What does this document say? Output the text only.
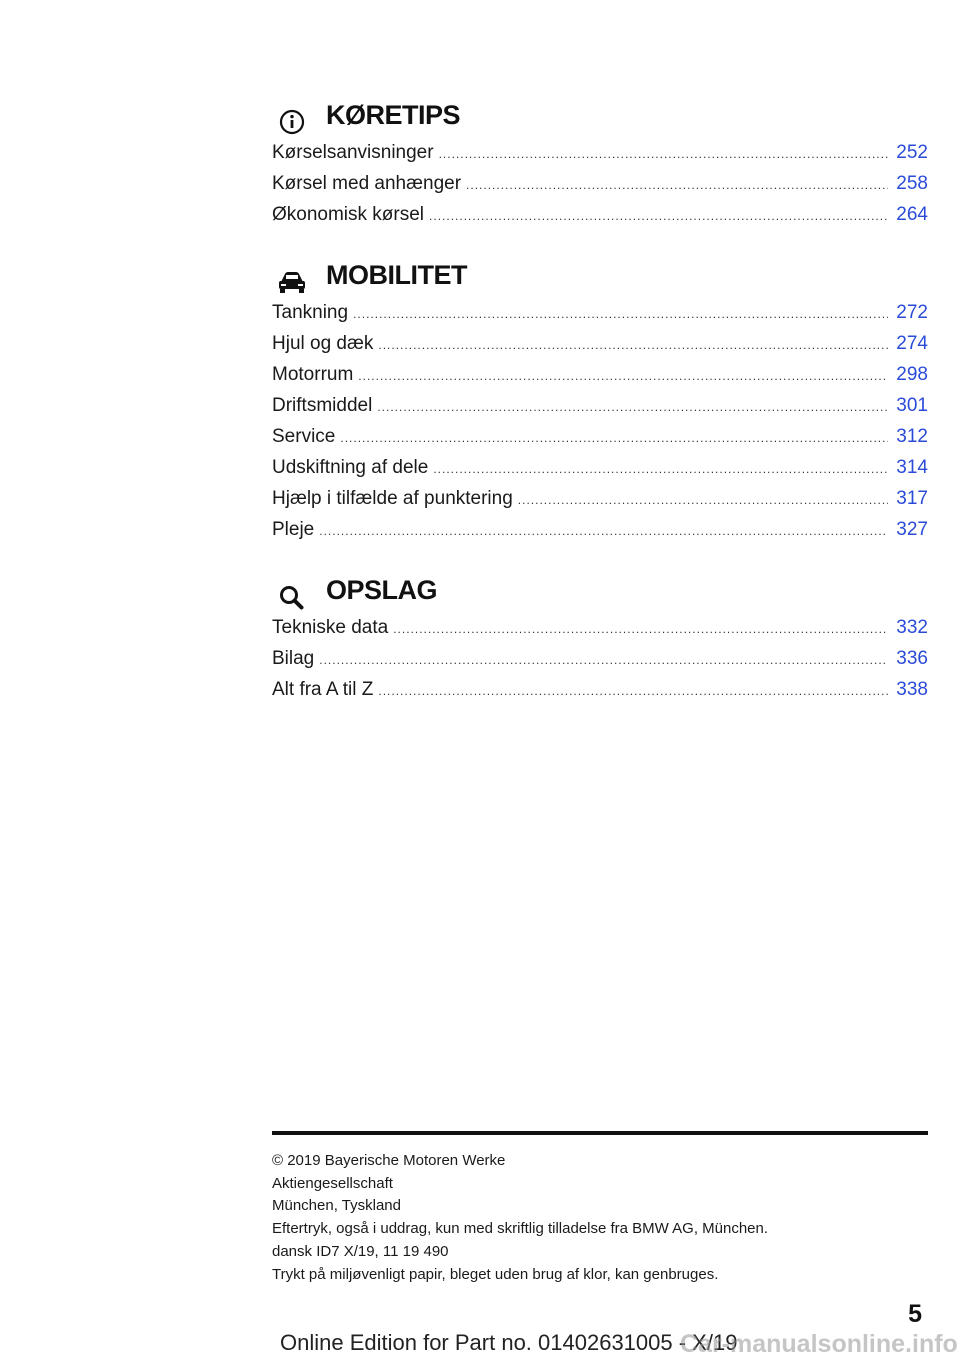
KØRETIPS
Kørselsanvisninger .....	252
Kørsel med anhænger .....	258
Økonomisk kørsel .....	264
MOBILITET
Tankning .....	272
Hjul og dæk .....	274
Motorrum .....	298
Driftsmiddel .....	301
Service .....	312
Udskiftning af dele .....	314
Hjælp i tilfælde af punktering .....	317
Pleje .....	327
OPSLAG
Tekniske data .....	332
Bilag .....	336
Alt fra A til Z .....	338
© 2019 Bayerische Motoren Werke
Aktiengesellschaft
München, Tyskland
Eftertryk, også i uddrag, kun med skriftlig tilladelse fra BMW AG, München.
dansk ID7 X/19, 11 19 490
Trykt på miljøvenligt papir, bleget uden brug af klor, kan genbruges.
5
Online Edition for Part no. 01402631005 - X/19
Car-manualsonline.info
